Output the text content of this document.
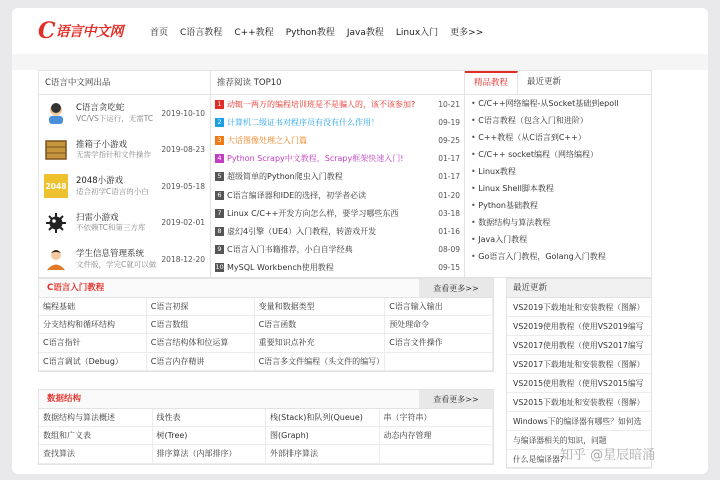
C 语言中文网	首页 C语言教程 C++教程 Python教程 Java教程 Linux入门 更多>>
C语言中文网出品
C语言贪吃蛇
VC/VS下运行，无需TC
2019-10-10
推箱子小游戏
无需学指针和文件操作
2019-08-23
2048 2048小游戏
适合初学C语言的小白
2019-05-18
扫雷小游戏
不依赖TC和第三方库
2019-02-01
学生信息管理系统
文件版，学完C就可以做
2018-12-20
推荐阅读 TOP10
1 动辄一两万的编程培训班是不是骗人的，该不该参加?	10-21
2 计算机二级证书对程序员有没有什么作用！	09-19
3 大话图像处理之入门篇	09-25
4 Python Scrapy中文教程，Scrapy框架快速入门!	01-17
5 超级简单的Python爬虫入门教程	01-17
6 C语言编译器和IDE的选择，初学者必读	01-20
7 Linux C/C++开发方向怎么样，要学习哪些东西	03-18
8 虚幻4引擎（UE4）入门教程，转游戏开发	01-16
9 C语言入门书籍推荐，小白自学经典	08-09
10 MySQL Workbench使用教程	09-15
精品教程	最近更新
• C/C++网络编程-从Socket基础到epoll
• C语言教程（包含入门和进阶）
• C++教程（从C语言到C++）
• C/C++ socket编程（网络编程）
• Linux教程
• Linux Shell脚本教程
• Python基础教程
• 数据结构与算法教程
• Java入门教程
• Go语言入门教程，Golang入门教程
C语言入门教程	查看更多>>
编程基础	C语言初探	变量和数据类型	C语言输入输出
分支结构和循环结构	C语言数组	C语言函数	预处理命令
C语言指针	C语言结构体和位运算	重要知识点补充	C语言文件操作
C语言调试（Debug）	C语言内存精讲	C语言多文件编程（头文件的编写）
数据结构	查看更多>>
数据结构与算法概述	线性表	栈(Stack)和队列(Queue)	串（字符串）
数组和广义表	树(Tree)	图(Graph)	动态内存管理
查找算法	排序算法（内部排序）	外部排序算法
最近更新
VS2019下载地址和安装教程（图解）
VS2019使用教程（使用VS2019编写
VS2017使用教程（使用VS2017编写
VS2017下载地址和安装教程（图解）
VS2015使用教程（使用VS2015编写
VS2015下载地址和安装教程（图解）
Windows下的编译器有哪些？如何选
与编译器相关的知识，问题
什么是编译器?
知乎 @星辰暗涌
